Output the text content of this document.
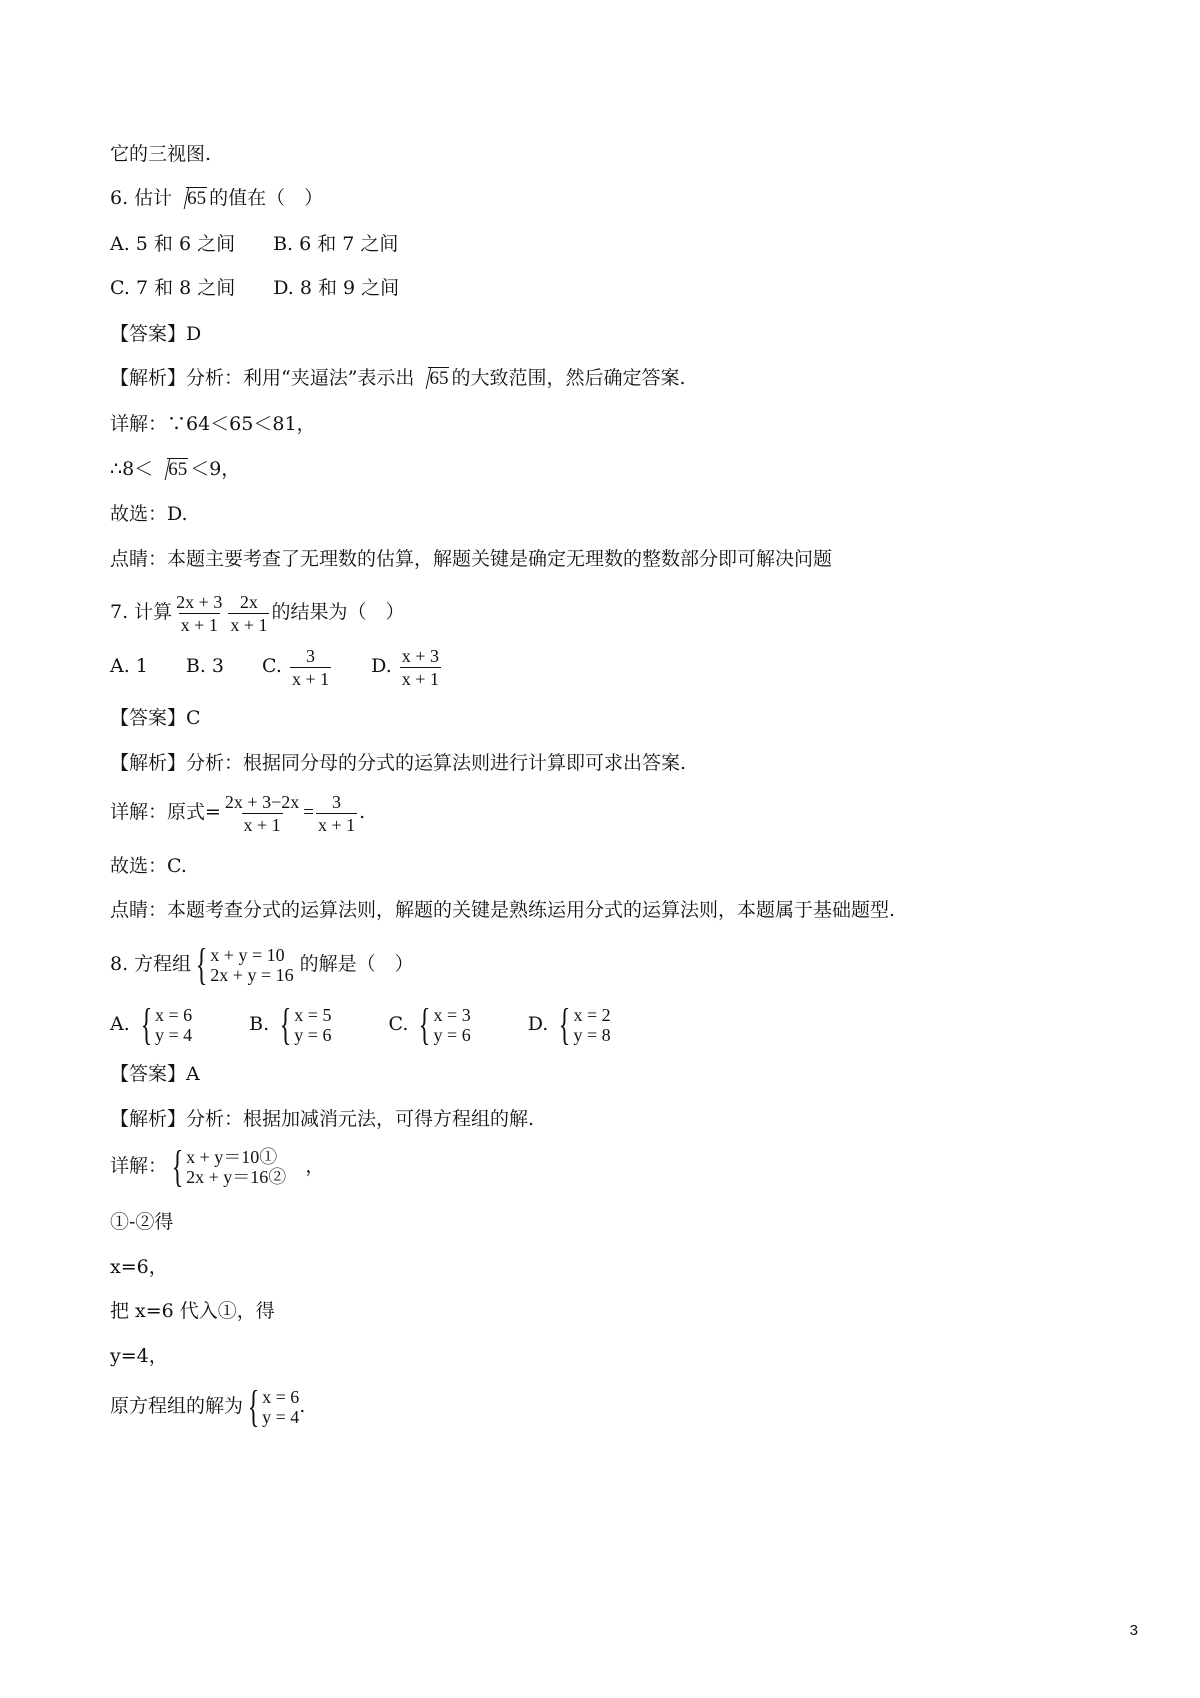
它的三视图.
6. 估计 65 的值在（　）
A. 5 和 6 之间　　B. 6 和 7 之间
C. 7 和 8 之间　　D. 8 和 9 之间
【答案】D
【解析】分析：利用“夹逼法”表示出 65 的大致范围，然后确定答案.
详解：∵64＜65＜81，
∴8＜ 65 ＜9，
故选：D.
点睛：本题主要考查了无理数的估算，解题关键是确定无理数的整数部分即可解决问题
7. 计算 $\frac{2x + 3}{x + 1} \frac{2x}{x + 1}$ 的结果为（　）
A. 1　　B. 3　　C. $\frac{3}{x + 1}$
　　 D. $\frac{x + 3}{x + 1}$
【答案】C
【解析】分析：根据同分母的分式的运算法则进行计算即可求出答案.
详解：原式= $\frac{2x + 3-2x}{x + 1} = \frac{3}{x + 1}$ .
故选：C.
点睛：本题考查分式的运算法则，解题的关键是熟练运用分式的运算法则，本题属于基础题型.
8. 方程组 { x + y = 10
2x + y = 16 的解是（　）
A. { x = 6
y = 4
　　　	B. { x = 5
y = 6
　　　	C. { x = 3
y = 6
　　　	D. { x = 2
y = 8
【答案】A
【解析】分析：根据加减消元法，可得方程组的解.
详解： { x + y＝10①
2x + y＝16②
　 ，
①-②得
x=6，
把 x=6 代入①，得
y=4，
原方程组的解为 { x = 6
y = 4 .
3
